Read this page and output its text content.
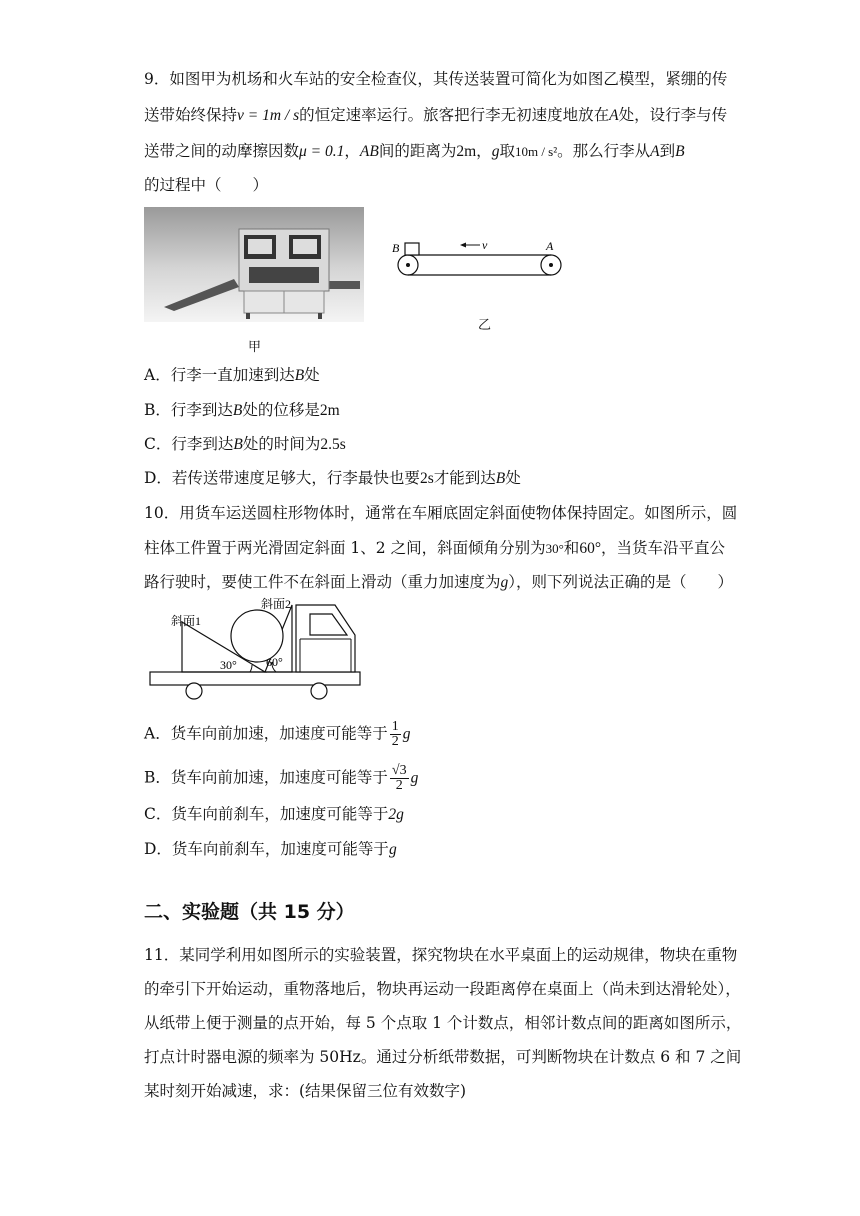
9．如图甲为机场和火车站的安全检查仪，其传送装置可简化为如图乙模型，紧绷的传
送带始终保持v = 1m / s的恒定速率运行。旅客把行李无初速度地放在A处，设行李与传
送带之间的动摩擦因数μ = 0.1，AB间的距离为2m，g取10m / s²。那么行李从A到B
的过程中（　　）
甲
B	A
v
乙
A．行李一直加速到达B处
B．行李到达B处的位移是2m
C．行李到达B处的时间为2.5s
D．若传送带速度足够大，行李最快也要2s才能到达B处
10．用货车运送圆柱形物体时，通常在车厢底固定斜面使物体保持固定。如图所示，圆
柱体工件置于两光滑固定斜面 1、2 之间，斜面倾角分别为30°和60°，当货车沿平直公
路行驶时，要使工件不在斜面上滑动（重力加速度为g），则下列说法正确的是（　　）
斜面1
斜面2
30° 60°
A．货车向前加速，加速度可能等于 $\frac{1}{2}$ g
B．货车向前加速，加速度可能等于 $\frac{√3}{2}$ g
C．货车向前刹车，加速度可能等于2g
D．货车向前刹车，加速度可能等于g
二、实验题（共 15 分）
11．某同学利用如图所示的实验装置，探究物块在水平桌面上的运动规律，物块在重物
的牵引下开始运动，重物落地后，物块再运动一段距离停在桌面上（尚未到达滑轮处），
从纸带上便于测量的点开始，每 5 个点取 1 个计数点，相邻计数点间的距离如图所示，
打点计时器电源的频率为 50Hz。通过分析纸带数据，可判断物块在计数点 6 和 7 之间
某时刻开始减速，求：(结果保留三位有效数字)
